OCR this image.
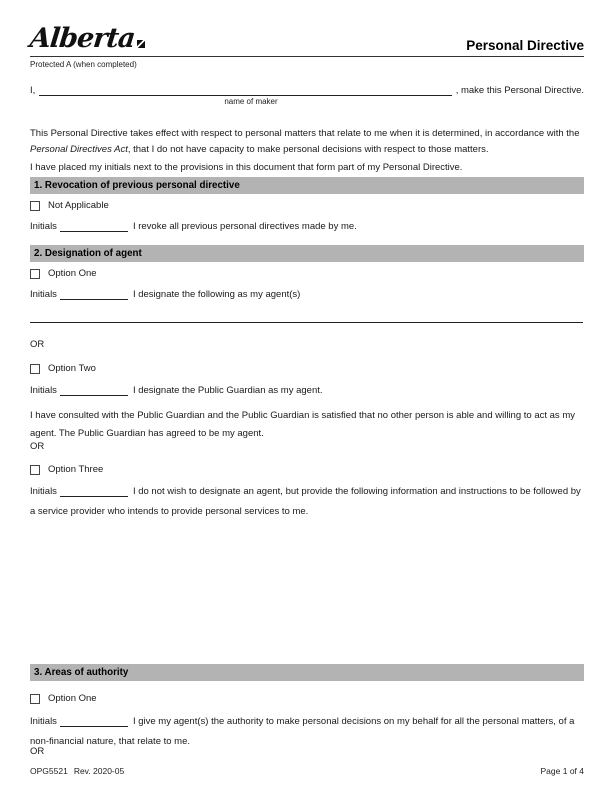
Alberta	Personal Directive
Protected A (when completed)
I,	, make this Personal Directive.
name of maker

This Personal Directive takes effect with respect to personal matters that relate to me when it is determined, in accordance with the Personal Directives Act, that I do not have capacity to make personal decisions with respect to those matters.

I have placed my initials next to the provisions in this document that form part of my Personal Directive.

1. Revocation of previous personal directive
Not Applicable
Initials	I revoke all previous personal directives made by me.
2. Designation of agent
Option One
Initials	I designate the following as my agent(s)
OR
Option Two
Initials	I designate the Public Guardian as my agent.

I have consulted with the Public Guardian and the Public Guardian is satisfied that no other person is able and willing to act as my agent. The Public Guardian has agreed to be my agent.

OR
Option Three

Initials	I do not wish to designate an agent, but provide the following information and instructions to be followed by a service provider who intends to provide personal services to me.

3. Areas of authority
Option One

Initials	I give my agent(s) the authority to make personal decisions on my behalf for all the personal matters, of a non-financial nature, that relate to me.

OR
OPG5521 Rev. 2020-05	Page 1 of 4
